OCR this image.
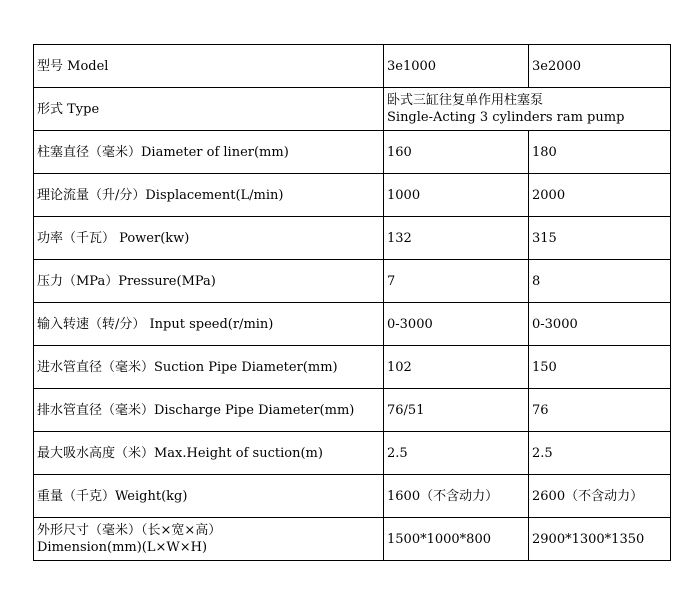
型号 Model	3e1000	3e2000
形式 Type	卧式三缸往复单作用柱塞泵
Single-Acting 3 cylinders ram pump	

柱塞直径（毫米）Diameter of liner(mm)	160	180
理论流量（升/分）Displacement(L/min)	1000	2000
功率（千瓦） Power(kw)	132	315
压力（MPa）Pressure(MPa)	7	8
输入转速（转/分） Input speed(r/min)	0-3000	0-3000
进水管直径（毫米）Suction Pipe Diameter(mm)	102	150
排水管直径（毫米）Discharge Pipe Diameter(mm)	76/51	76
最大吸水高度（米）Max.Height of suction(m)	2.5	2.5
重量（千克）Weight(kg)	1600（不含动力）	2600（不含动力）

外形尺寸（毫米）（长×宽×高）
Dimension(mm)(L×W×H)	1500*1000*800	2900*1300*1350
